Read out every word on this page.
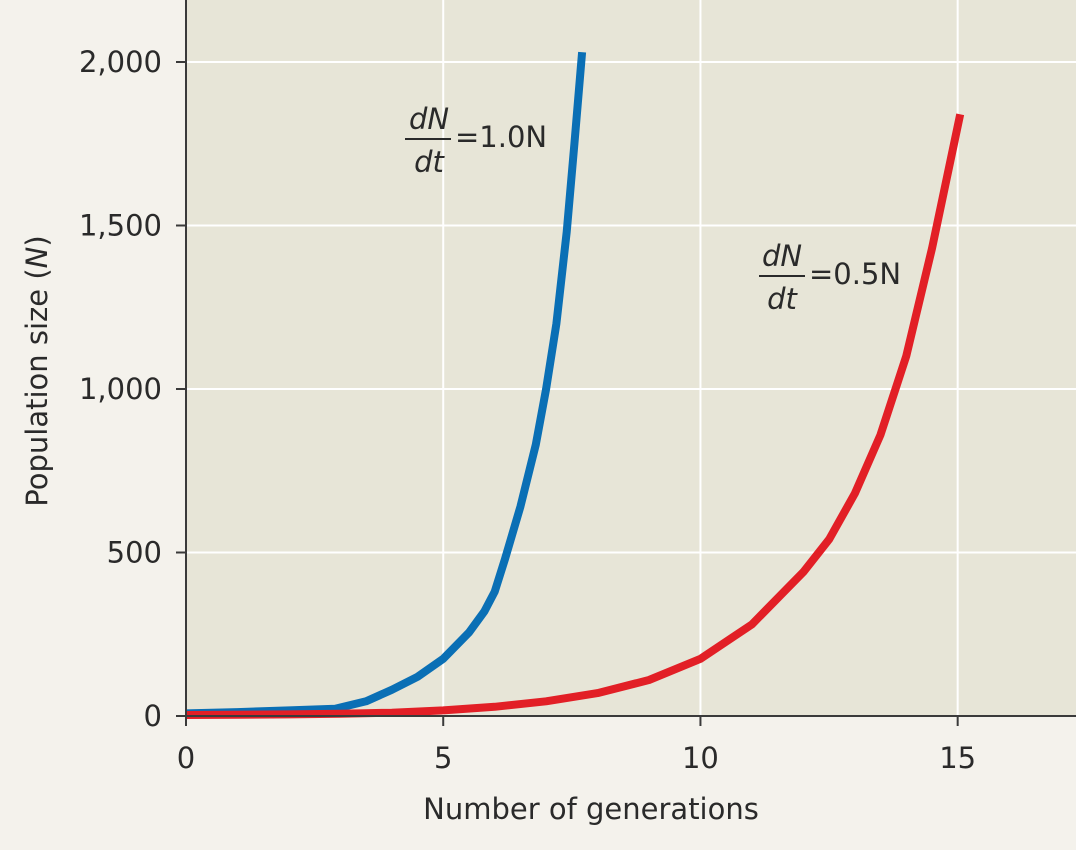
0
500
1,000
1,500
2,000
0	5	10	15
Number of generations
Population size (N)
dN
dt
=1.0N
dN
dt
=0.5N
